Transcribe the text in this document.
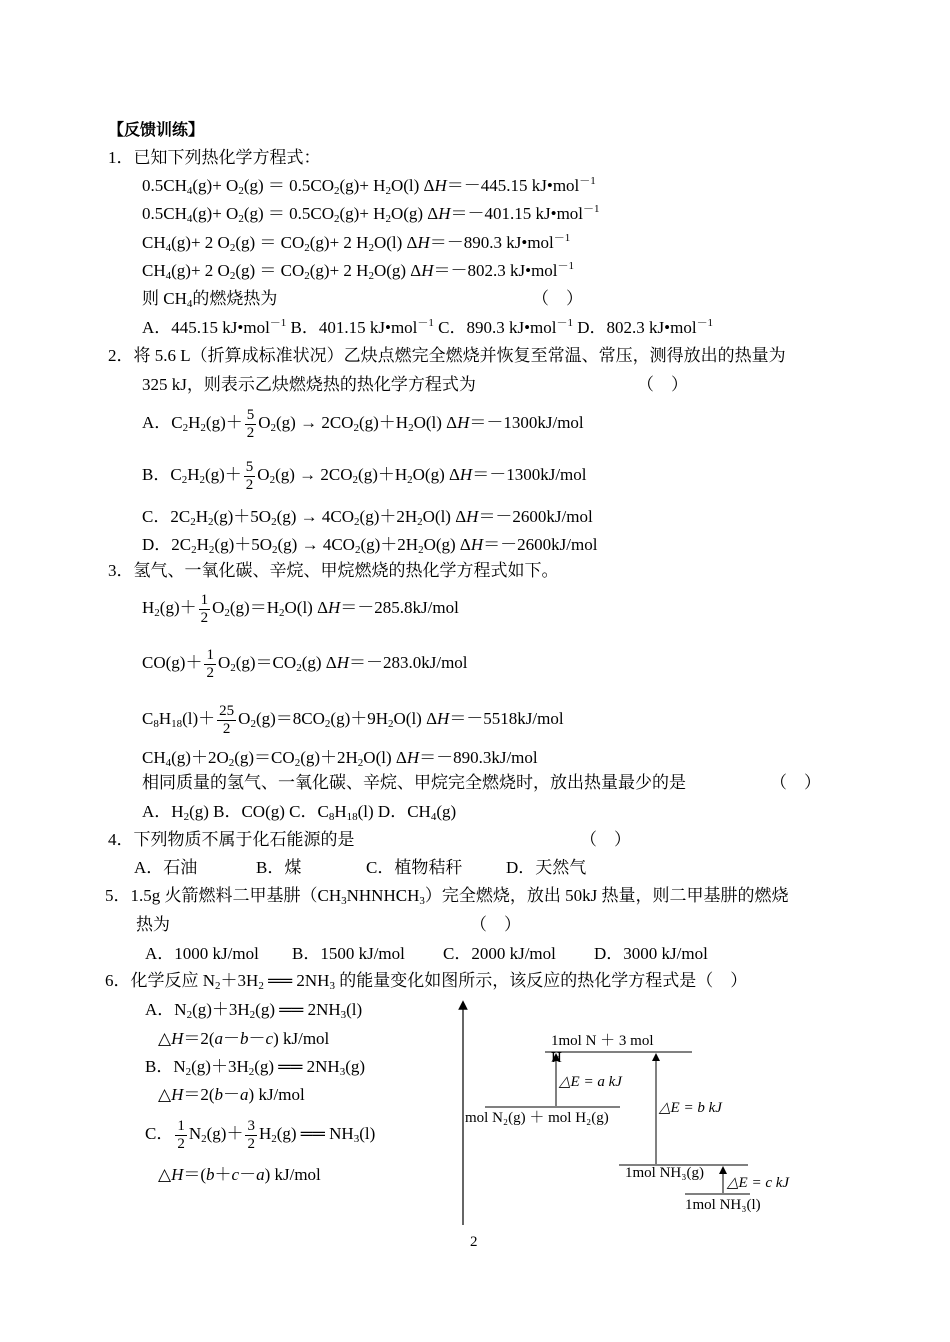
【反馈训练】
1．已知下列热化学方程式：
$0.5CH_4(g)+ O_2(g) = 0.5CO_2(g)+ H_2O(l)$ ΔH＝－445.15 kJ•mol$^{-1}$
$0.5CH_4(g)+ O_2(g) = 0.5CO_2(g)+ H_2O(g)$ ΔH＝－401.15 kJ•mol$^{-1}$
$CH_4(g)+ 2$ $O_2(g) = CO_2(g)+ 2$ $H_2O(l)$ ΔH＝－890.3 kJ•mol$^{-1}$
$CH_4(g)+ 2$ $O_2(g) = CO_2(g)+ 2$ $H_2O(g)$ ΔH＝－802.3 kJ•mol$^{-1}$
则 $CH_4$的燃烧热为	（　）
A．445.15 kJ•mol$^{-1}$ B．401.15 kJ•mol$^{-1}$ C．890.3 kJ•mol$^{-1}$ D．802.3 kJ•mol$^{-1}$
2．将 5.6 L（折算成标准状况）乙炔点燃完全燃烧并恢复至常温、常压，测得放出的热量为
325 kJ，则表示乙炔燃烧热的热化学方程式为	（　）
A．$C_2H_2(g)+ \frac{5}{2} O_2(g) \to 2CO_2(g)+H_2O(l)$ ΔH＝－1300kJ/mol
B．$C_2H_2(g)+ \frac{5}{2} O_2(g) \to 2CO_2(g)+H_2O(g)$ ΔH＝－1300kJ/mol
C．$2C_2H_2(g)+5O_2(g) \to 4CO_2(g)+2H_2O(l)$ ΔH＝－2600kJ/mol
D．$2C_2H_2(g)+5O_2(g) \to 4CO_2(g)+2H_2O(g)$ ΔH＝－2600kJ/mol
3．氢气、一氧化碳、辛烷、甲烷燃烧的热化学方程式如下。
$H_2(g)+ \frac{1}{2} O_2(g)=H_2O(l)$ ΔH＝－285.8kJ/mol
$CO(g)+ \frac{1}{2} O_2(g)=CO_2(g)$ ΔH＝－283.0kJ/mol
$C_8H_{18}(l)+ \frac{25}{2} O_2(g)=8CO_2(g)+9H_2O(l)$ ΔH＝－5518kJ/mol
$CH_4(g)+2O_2(g)=CO_2(g)+2H_2O(l)$ ΔH＝－890.3kJ/mol
相同质量的氢气、一氧化碳、辛烷、甲烷完全燃烧时，放出热量最少的是	（　）
A．$H_2(g)$ B．CO(g) C．$C_8H_{18}(l)$ D．$CH_4(g)$
4．下列物质不属于化石能源的是	（　）
A．石油	B．煤	C．植物秸秆	D．天然气
5．1.5g 火箭燃料二甲基肼$(CH_3NHNHCH_3)$完全燃烧，放出 50kJ 热量，则二甲基肼的燃烧
热为	（　）
A．1000 kJ/mol B．1500 kJ/mol C．2000 kJ/mol D．3000 kJ/mol
6．化学反应 $N_2+3H_2$ ══ $2NH_3$ 的能量变化如图所示，该反应的热化学方程式是（　）
A．$N_2(g)+3H_2(g)$ ══ $2NH_3(l)$
△H＝2(a－b－c) kJ/mol
B．$N_2(g)+3H_2(g)$ ══ $2NH_3(g)$
△H＝2(b－a) kJ/mol
C． $\frac{1}{2} N_2(g)+ \frac{3}{2} H_2(g)$ ══ $NH_3(l)$
△H＝(b＋c－a) kJ/mol
1mol N ＋ 3 mol
H
△E = a kJ
mol N₂(g) ＋ mol H₂(g)
△E = b kJ
1mol NH₃(g)
△E = c kJ
1mol NH₃(l)
2
